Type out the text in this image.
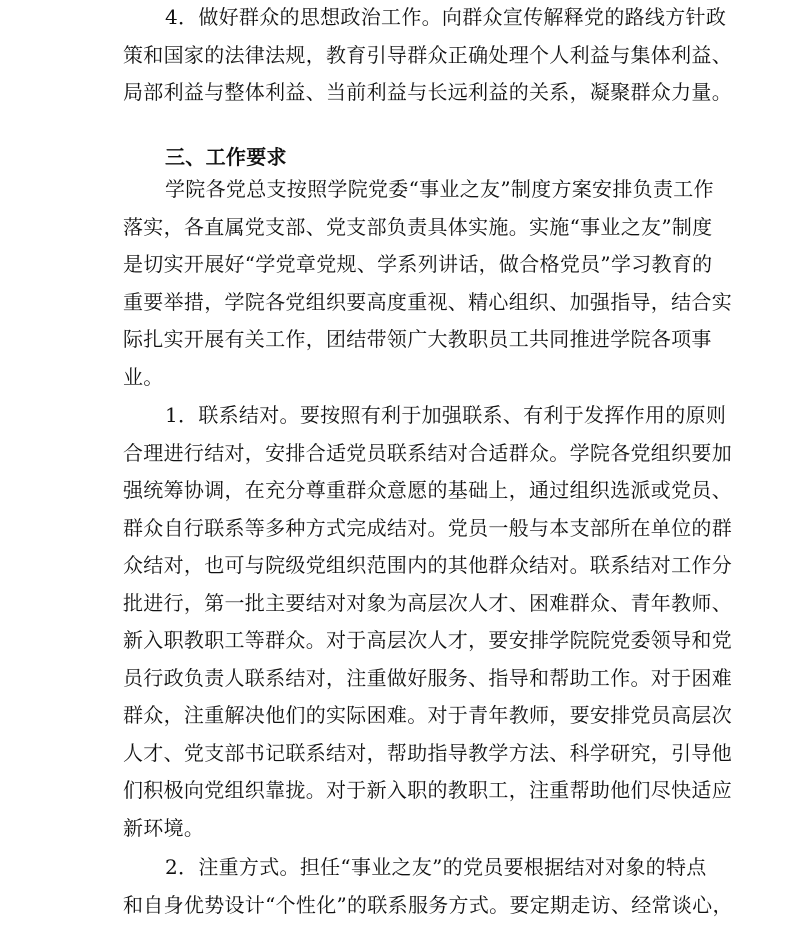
4．做好群众的思想政治工作。向群众宣传解释党的路线方针政
策和国家的法律法规，教育引导群众正确处理个人利益与集体利益、
局部利益与整体利益、当前利益与长远利益的关系，凝聚群众力量。
三、工作要求
学院各党总支按照学院党委“事业之友”制度方案安排负责工作
落实，各直属党支部、党支部负责具体实施。实施“事业之友”制度
是切实开展好“学党章党规、学系列讲话，做合格党员”学习教育的
重要举措，学院各党组织要高度重视、精心组织、加强指导，结合实
际扎实开展有关工作，团结带领广大教职员工共同推进学院各项事
业。
1．联系结对。要按照有利于加强联系、有利于发挥作用的原则
合理进行结对，安排合适党员联系结对合适群众。学院各党组织要加
强统筹协调，在充分尊重群众意愿的基础上，通过组织选派或党员、
群众自行联系等多种方式完成结对。党员一般与本支部所在单位的群
众结对，也可与院级党组织范围内的其他群众结对。联系结对工作分
批进行，第一批主要结对对象为高层次人才、困难群众、青年教师、
新入职教职工等群众。对于高层次人才，要安排学院院党委领导和党
员行政负责人联系结对，注重做好服务、指导和帮助工作。对于困难
群众，注重解决他们的实际困难。对于青年教师，要安排党员高层次
人才、党支部书记联系结对，帮助指导教学方法、科学研究，引导他
们积极向党组织靠拢。对于新入职的教职工，注重帮助他们尽快适应
新环境。
2．注重方式。担任“事业之友”的党员要根据结对对象的特点
和自身优势设计“个性化”的联系服务方式。要定期走访、经常谈心，
